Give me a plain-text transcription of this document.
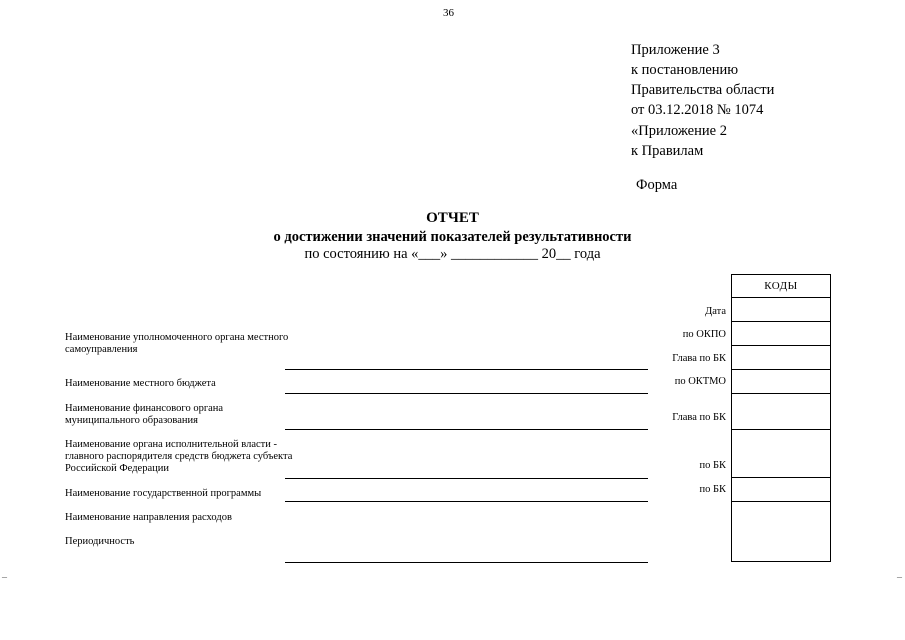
36
Приложение 3
к постановлению
Правительства области
от 03.12.2018 № 1074
«Приложение 2
к Правилам
Форма
ОТЧЕТ
о достижении значений показателей результативности
по состоянию на «___» ____________ 20__ года
Наименование уполномоченного органа местного самоуправления
Наименование местного бюджета
Наименование финансового органа муниципального образования
Наименование органа исполнительной власти - главного распорядителя средств бюджета субъекта Российской Федерации
Наименование государственной программы
Наименование направления расходов
Периодичность
Дата
по ОКПО
Глава по БК
по ОКТМО
Глава по БК
по БК
по БК
КОДЫ
–	–
